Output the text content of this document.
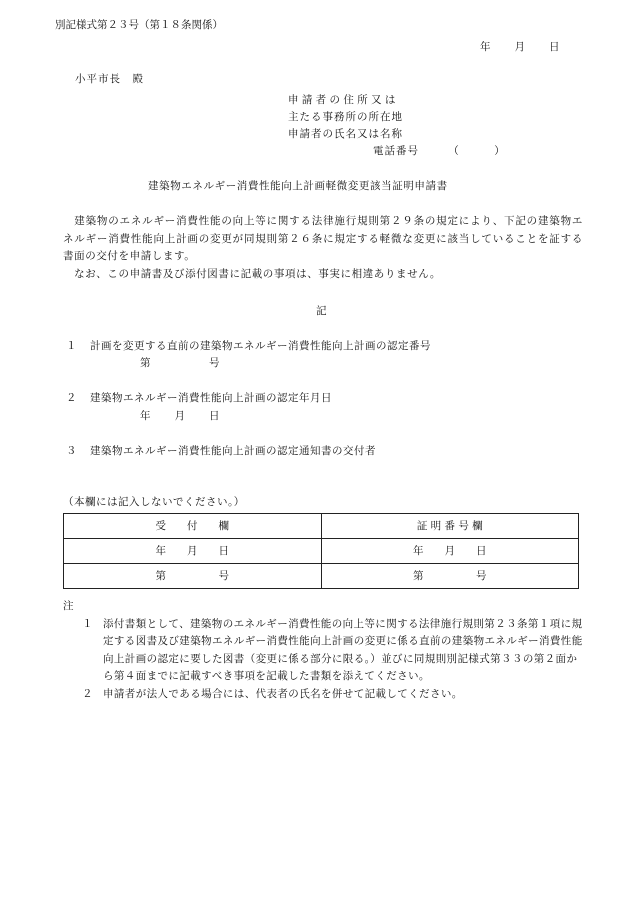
別記様式第２３号（第１８条関係）
年　　月　　日
小平市長　殿
申 請 者 の 住 所 又 は
主たる事務所の所在地
申請者の氏名又は名称
電話番号　　　（　　　）
建築物エネルギー消費性能向上計画軽微変更該当証明申請書

　建築物のエネルギー消費性能の向上等に関する法律施行規則第２９条の規定により、下記の建築物エネルギー消費性能向上計画の変更が同規則第２６条に規定する軽微な変更に該当していることを証する書面の交付を申請します。

　なお、この申請書及び添付図書に記載の事項は、事実に相違ありません。

記
１ 計画を変更する直前の建築物エネルギー消費性能向上計画の認定番号
第　　　　　号
２ 建築物エネルギー消費性能向上計画の認定年月日
年　　月　　日
３ 建築物エネルギー消費性能向上計画の認定通知書の交付者
（本欄には記入しないでください。）
受　　付　　欄	証 明 番 号 欄
年　　月　　日	年　　月　　日
第　　　　　号	第　　　　　号
注
１ 添付書類として、建築物のエネルギー消費性能の向上等に関する法律施行規則第２３条第１項に規定する図書及び建築物エネルギー消費性能向上計画の変更に係る直前の建築物エネルギー消費性能向上計画の認定に要した図書（変更に係る部分に限る。）並びに同規則別記様式第３３の第２面から第４面までに記載すべき事項を記載した書類を添えてください。
２ 申請者が法人である場合には、代表者の氏名を併せて記載してください。
